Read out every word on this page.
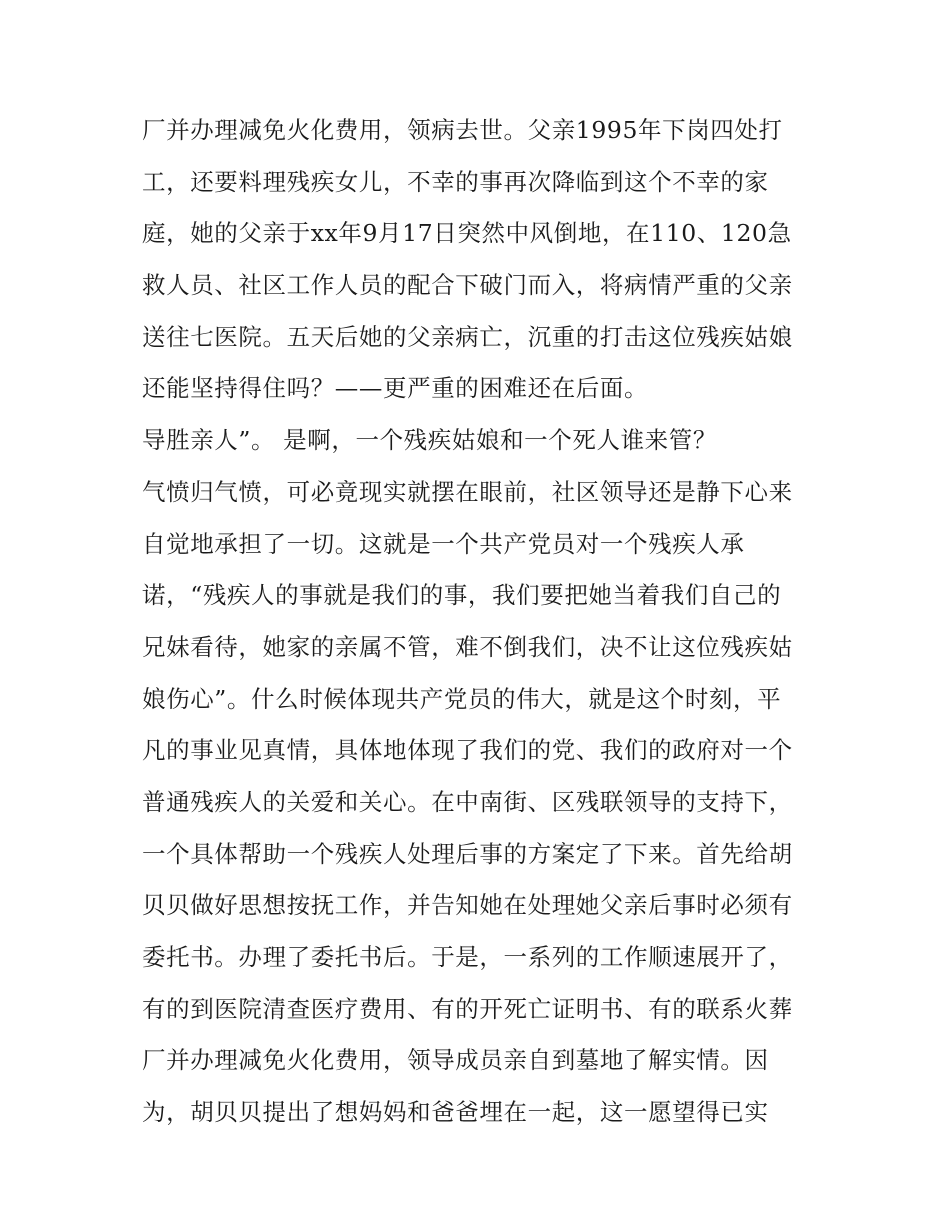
厂并办理减免火化费用，领病去世。父亲1995年下岗四处打
工，还要料理残疾女儿，不幸的事再次降临到这个不幸的家
庭，她的父亲于xx年9月17日突然中风倒地，在110、120急
救人员、社区工作人员的配合下破门而入，将病情严重的父亲
送往七医院。五天后她的父亲病亡，沉重的打击这位残疾姑娘
还能坚持得住吗？——更严重的困难还在后面。
导胜亲人”。 是啊，一个残疾姑娘和一个死人谁来管？
气愤归气愤，可必竟现实就摆在眼前，社区领导还是静下心来
自觉地承担了一切。这就是一个共产党员对一个残疾人承
诺，“残疾人的事就是我们的事，我们要把她当着我们自己的
兄妹看待，她家的亲属不管，难不倒我们，决不让这位残疾姑
娘伤心”。什么时候体现共产党员的伟大，就是这个时刻，平
凡的事业见真情，具体地体现了我们的党、我们的政府对一个
普通残疾人的关爱和关心。在中南街、区残联领导的支持下，
一个具体帮助一个残疾人处理后事的方案定了下来。首先给胡
贝贝做好思想按抚工作，并告知她在处理她父亲后事时必须有
委托书。办理了委托书后。于是，一系列的工作顺速展开了，
有的到医院清查医疗费用、有的开死亡证明书、有的联系火葬
厂并办理减免火化费用，领导成员亲自到墓地了解实情。因
为，胡贝贝提出了想妈妈和爸爸埋在一起，这一愿望得已实
